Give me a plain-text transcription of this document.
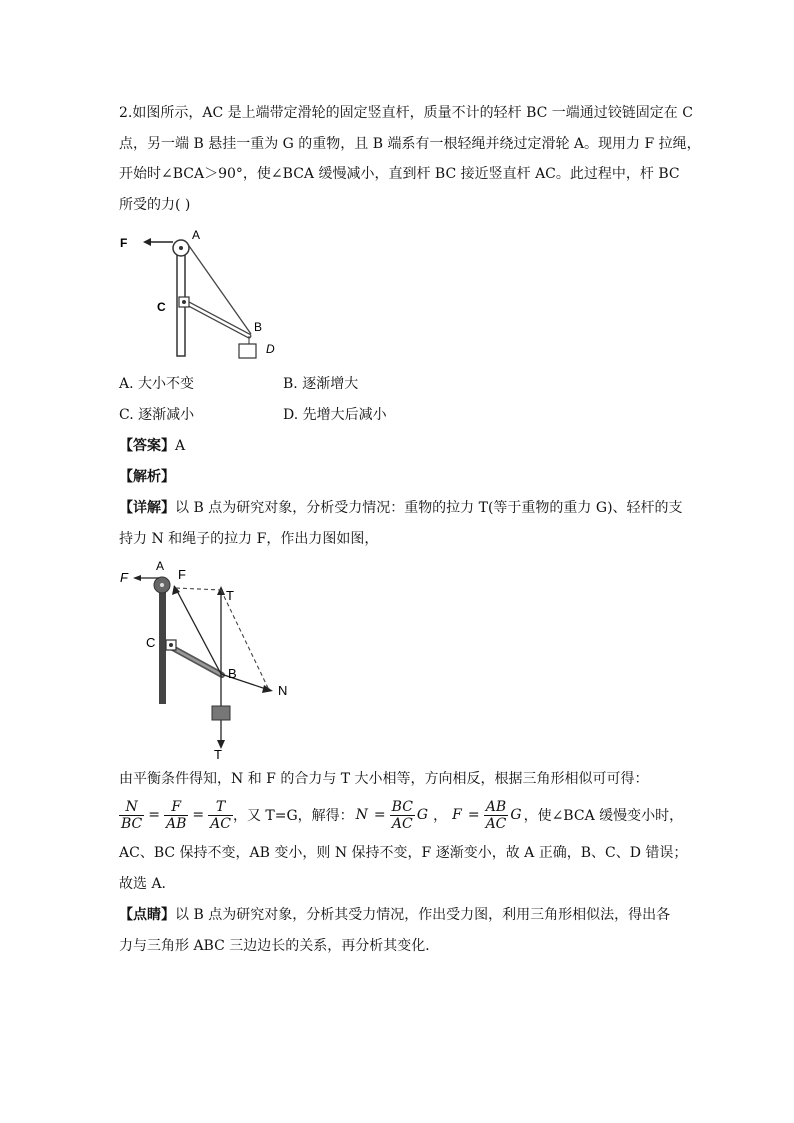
2.如图所示，AC 是上端带定滑轮的固定竖直杆，质量不计的轻杆 BC 一端通过铰链固定在 C
点，另一端 B 悬挂一重为 G 的重物，且 B 端系有一根轻绳并绕过定滑轮 A。现用力 F 拉绳，
开始时∠BCA＞90°，使∠BCA 缓慢减小，直到杆 BC 接近竖直杆 AC。此过程中，杆 BC
所受的力( )
F
A
C
B
D
A. 大小不变	B. 逐渐增大
C. 逐渐减小	D. 先增大后减小
【答案】A
【解析】
【详解】以 B 点为研究对象，分析受力情况：重物的拉力 T(等于重物的重力 G)、轻杆的支
持力 N 和绳子的拉力 F，作出力图如图，
F
A
F
T
C
B
N
T
由平衡条件得知，N 和 F 的合力与 T 大小相等，方向相反，根据三角形相似可可得：
$\frac{N}{BC} = \frac{F}{AB} = \frac{T}{AC}$ ，又 T=G，解得： $N = \frac{BC}{AC}$ G ， $F = \frac{AB}{AC}$ G ，使∠BCA 缓慢变小时，
AC、BC 保持不变，AB 变小，则 N 保持不变，F 逐渐变小，故 A 正确，B、C、D 错误；
故选 A．
【点睛】以 B 点为研究对象，分析其受力情况，作出受力图，利用三角形相似法，得出各
力与三角形 ABC 三边边长的关系，再分析其变化．
